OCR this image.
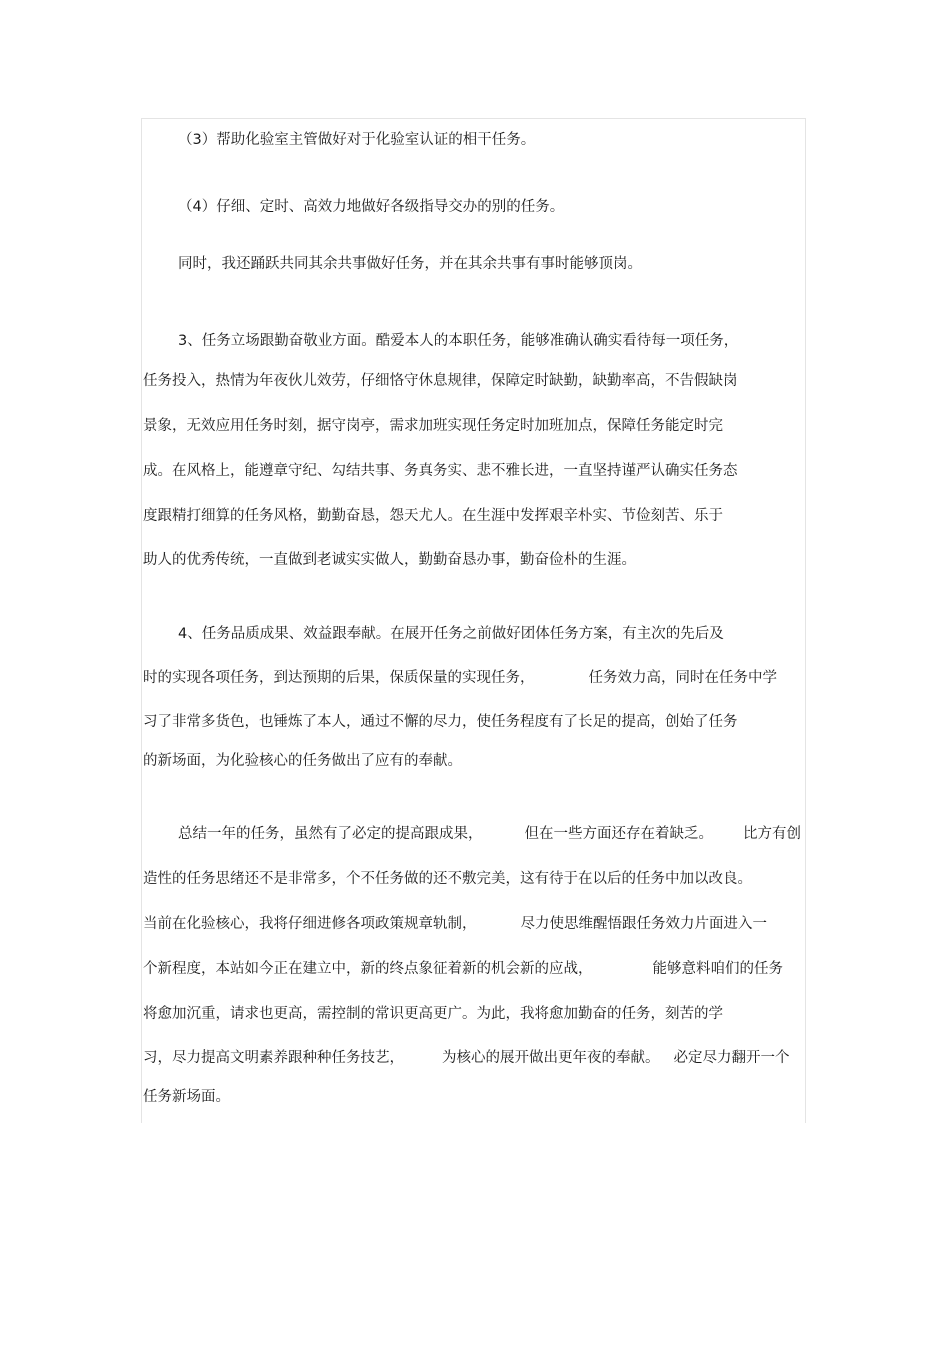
（3）帮助化验室主管做好对于化验室认证的相干任务。

（4）仔细、定时、高效力地做好各级指导交办的别的任务。

同时，我还踊跃共同其余共事做好任务，并在其余共事有事时能够顶岗。

3、任务立场跟勤奋敬业方面。酷爱本人的本职任务，能够准确认确实看待每一项任务，

任务投入，热情为年夜伙儿效劳，仔细恪守休息规律，保障定时缺勤，缺勤率高，不告假缺岗

景象，无效应用任务时刻，据守岗亭，需求加班实现任务定时加班加点，保障任务能定时完

成。在风格上，能遵章守纪、勾结共事、务真务实、悲不雅长进，一直坚持谨严认确实任务态

度跟精打细算的任务风格，勤勤奋恳，怨天尤人。在生涯中发挥艰辛朴实、节俭刻苦、乐于

助人的优秀传统，一直做到老诚实实做人，勤勤奋恳办事，勤奋俭朴的生涯。

4、任务品质成果、效益跟奉献。在展开任务之前做好团体任务方案，有主次的先后及

时的实现各项任务，到达预期的后果，保质保量的实现任务，	任务效力高，同时在任务中学

习了非常多货色，也锤炼了本人，通过不懈的尽力，使任务程度有了长足的提高，创始了任务

的新场面，为化验核心的任务做出了应有的奉献。

总结一年的任务，虽然有了必定的提高跟成果，	但在一些方面还存在着缺乏。 比方有创

造性的任务思绪还不是非常多，个不任务做的还不敷完美，这有待于在以后的任务中加以改良。

当前在化验核心，我将仔细进修各项政策规章轨制，	尽力使思维醒悟跟任务效力片面进入一

个新程度，本站如今正在建立中，新的终点象征着新的机会新的应战，	能够意料咱们的任务

将愈加沉重，请求也更高，需控制的常识更高更广。为此，我将愈加勤奋的任务，刻苦的学

习，尽力提高文明素养跟种种任务技艺，	为核心的展开做出更年夜的奉献。 必定尽力翻开一个

任务新场面。
